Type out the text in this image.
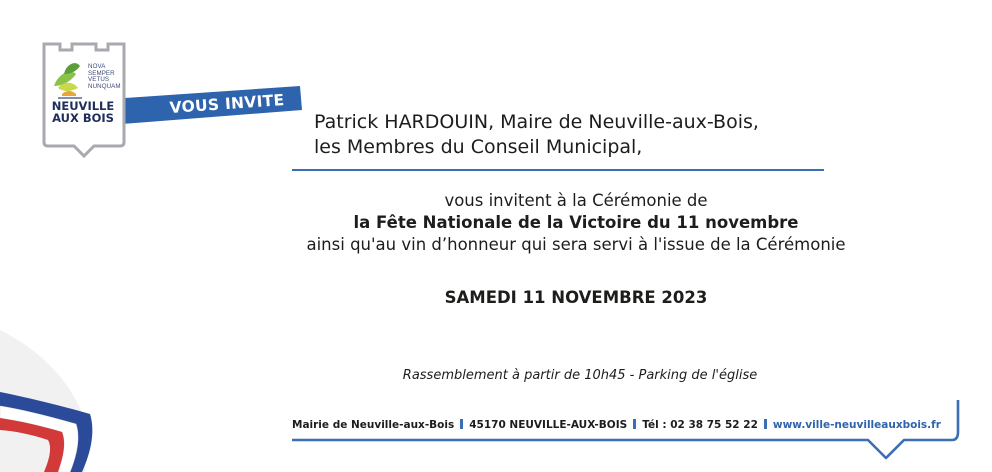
NOVA
SEMPER
VETUS
NUNQUAM
NEUVILLE
AUX BOIS
VOUS INVITE
Patrick HARDOUIN, Maire de Neuville-aux-Bois,
les Membres du Conseil Municipal,
vous invitent à la Cérémonie de
la Fête Nationale de la Victoire du 11 novembre
ainsi qu'au vin d’honneur qui sera servi à l'issue de la Cérémonie
SAMEDI 11 NOVEMBRE 2023
Rassemblement à partir de 10h45 - Parking de l'église
Mairie de Neuville-aux-Bois 45170 NEUVILLE-AUX-BOIS Tél : 02 38 75 52 22 www.ville-neuvilleauxbois.fr
